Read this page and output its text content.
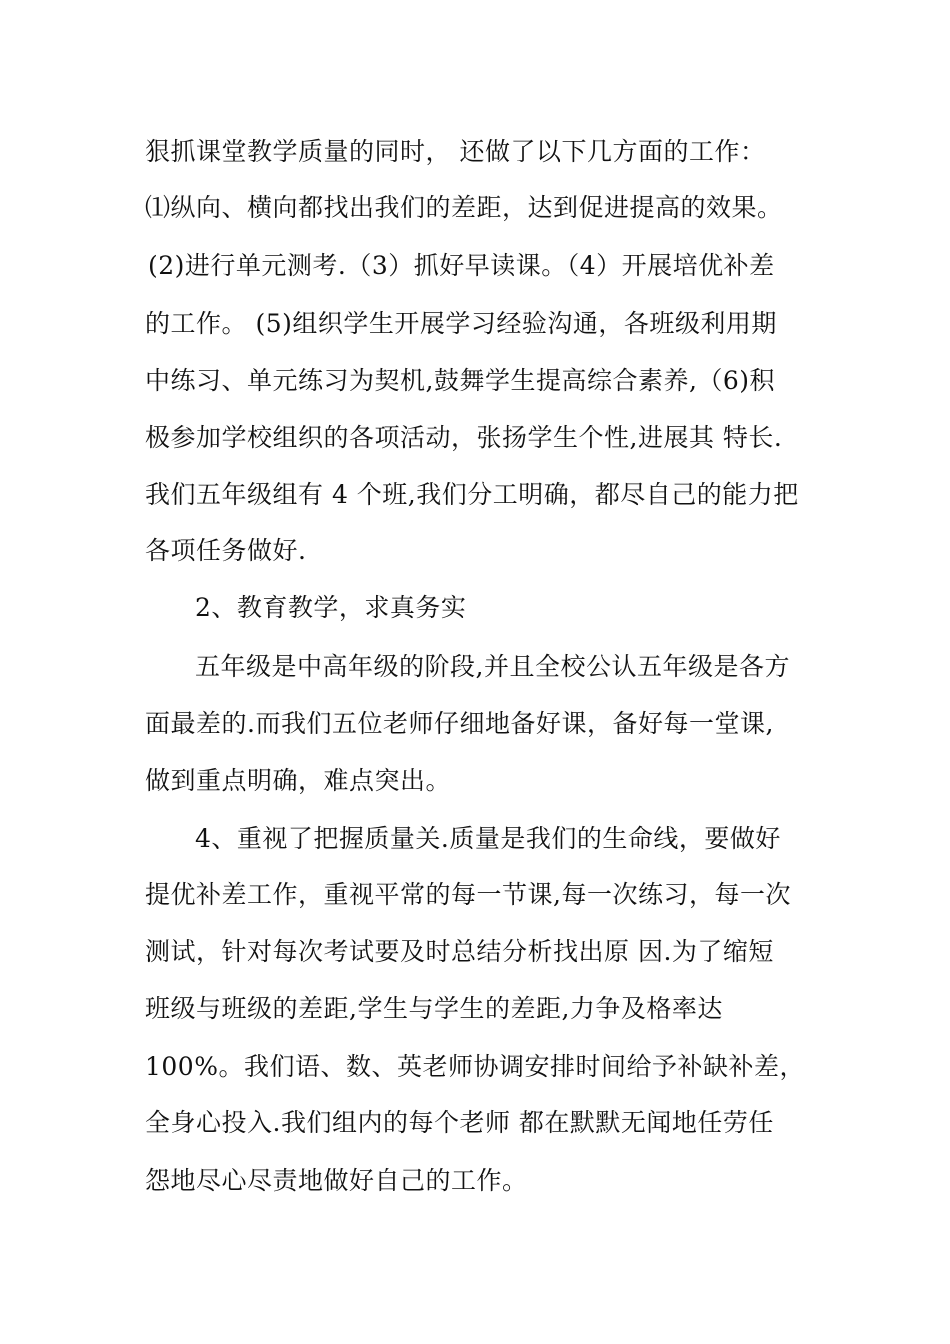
狠抓课堂教学质量的同时， 还做了以下几方面的工作：
⑴纵向、横向都找出我们的差距，达到促进提高的效果。
(2)进行单元测考.（3）抓好早读课。（4）开展培优补差
的工作。 (5)组织学生开展学习经验沟通，各班级利用期
中练习、单元练习为契机,鼓舞学生提高综合素养,（6)积
极参加学校组织的各项活动，张扬学生个性,进展其 特长.
我们五年级组有 4 个班,我们分工明确，都尽自己的能力把
各项任务做好.
2、教育教学，求真务实
五年级是中高年级的阶段,并且全校公认五年级是各方
面最差的.而我们五位老师仔细地备好课，备好每一堂课,
做到重点明确，难点突出。
4、重视了把握质量关.质量是我们的生命线，要做好
提优补差工作，重视平常的每一节课,每一次练习，每一次
测试，针对每次考试要及时总结分析找出原 因.为了缩短
班级与班级的差距,学生与学生的差距,力争及格率达
100%。我们语、数、英老师协调安排时间给予补缺补差，
全身心投入.我们组内的每个老师 都在默默无闻地任劳任
怨地尽心尽责地做好自己的工作。
